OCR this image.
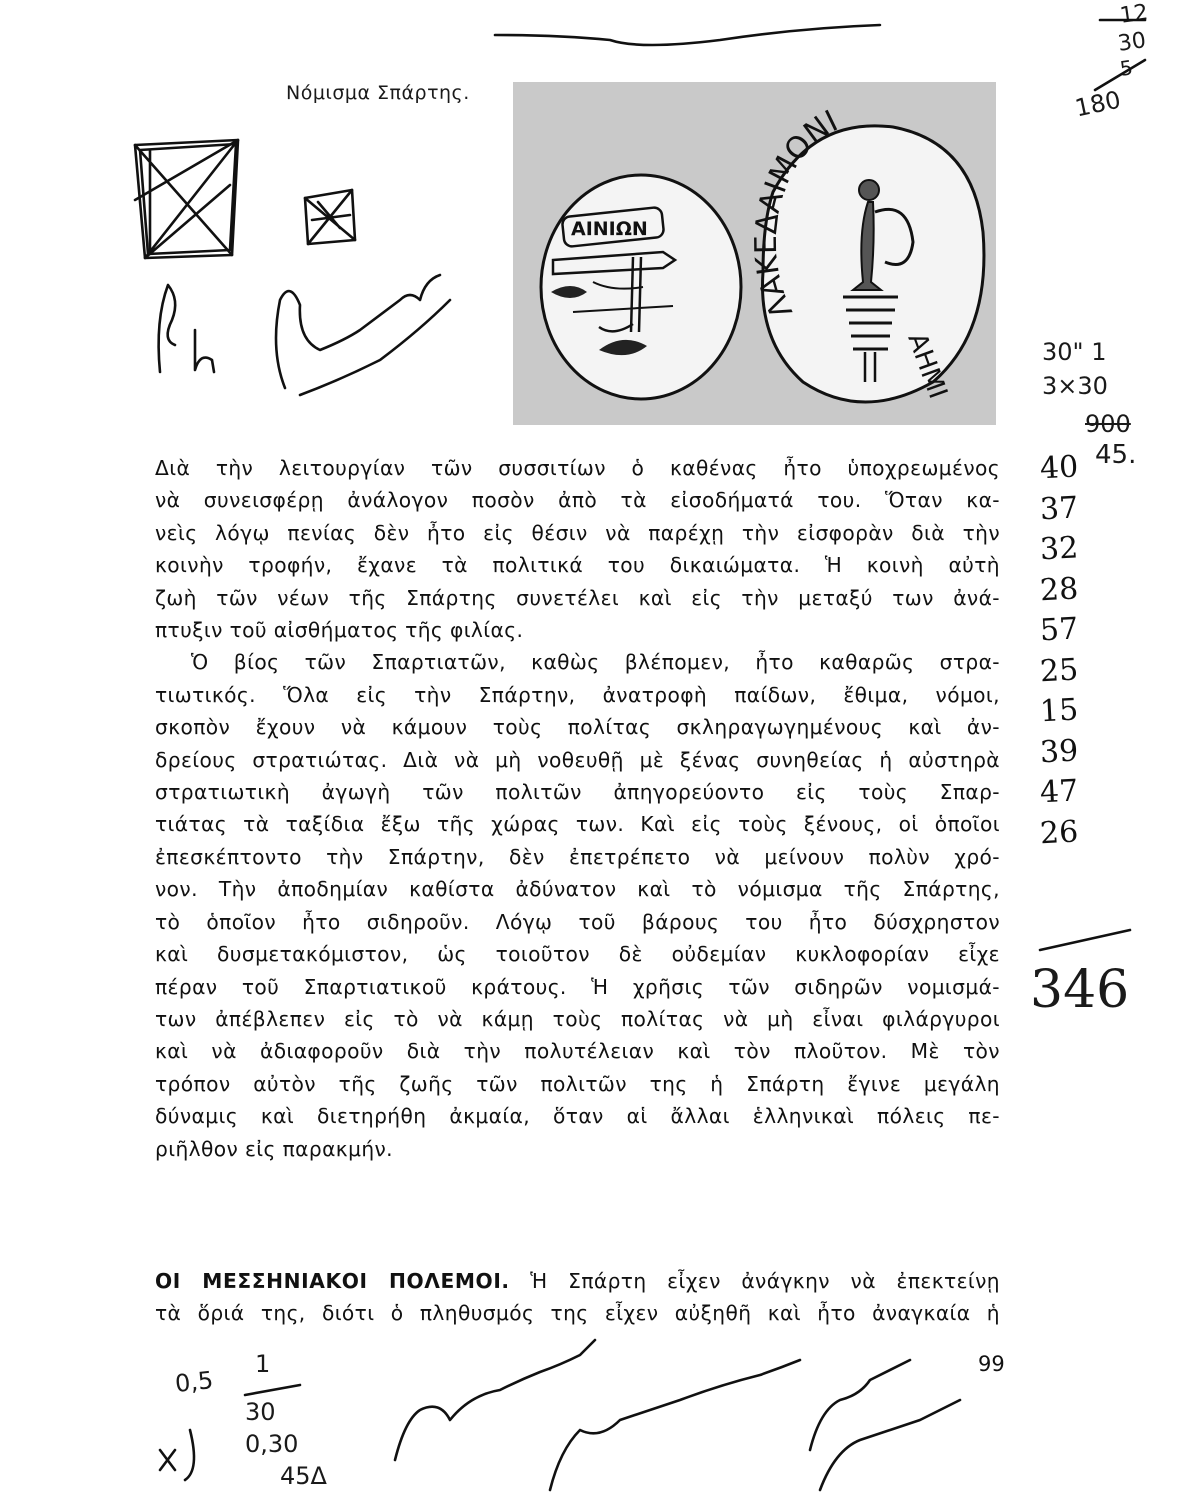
Νόμισμα Σπάρτης.
ΑΙΝΙΩΝ
ΛΑΚΕΔΑΙΜΟΝΙ
ΑΗΜΙ

Διὰ τὴν λειτουργίαν τῶν συσσιτίων ὁ καθένας ἦτο ὑποχρεωμένος
νὰ συνεισφέρῃ ἀνάλογον ποσὸν ἀπὸ τὰ εἰσοδήματά του. Ὅταν κα-
νεὶς λόγῳ πενίας δὲν ἦτο εἰς θέσιν νὰ παρέχῃ τὴν εἰσφορὰν διὰ τὴν
κοινὴν τροφήν, ἔχανε τὰ πολιτικά του δικαιώματα. Ἡ κοινὴ αὐτὴ
ζωὴ τῶν νέων τῆς Σπάρτης συνετέλει καὶ εἰς τὴν μεταξύ των ἀνά-
πτυξιν τοῦ αἰσθήματος τῆς φιλίας.

Ὁ βίος τῶν Σπαρτιατῶν, καθὼς βλέπομεν, ἦτο καθαρῶς στρα-
τιωτικός. Ὅλα εἰς τὴν Σπάρτην, ἀνατροφὴ παίδων, ἔθιμα, νόμοι,
σκοπὸν ἔχουν νὰ κάμουν τοὺς πολίτας σκληραγωγημένους καὶ ἀν-
δρείους στρατιώτας. Διὰ νὰ μὴ νοθευθῇ μὲ ξένας συνηθείας ἡ αὐστηρὰ
στρατιωτικὴ ἀγωγὴ τῶν πολιτῶν ἀπηγορεύοντο εἰς τοὺς Σπαρ-
τιάτας τὰ ταξίδια ἔξω τῆς χώρας των. Καὶ εἰς τοὺς ξένους, οἱ ὁποῖοι
ἐπεσκέπτοντο τὴν Σπάρτην, δὲν ἐπετρέπετο νὰ μείνουν πολὺν χρό-
νον. Τὴν ἀποδημίαν καθίστα ἀδύνατον καὶ τὸ νόμισμα τῆς Σπάρτης,
τὸ ὁποῖον ἦτο σιδηροῦν. Λόγῳ τοῦ βάρους του ἦτο δύσχρηστον
καὶ δυσμετακόμιστον, ὡς τοιοῦτον δὲ οὐδεμίαν κυκλοφορίαν εἶχε
πέραν τοῦ Σπαρτιατικοῦ κράτους. Ἡ χρῆσις τῶν σιδηρῶν νομισμά-
των ἀπέβλεπεν εἰς τὸ νὰ κάμῃ τοὺς πολίτας νὰ μὴ εἶναι φιλάργυροι
καὶ νὰ ἀδιαφοροῦν διὰ τὴν πολυτέλειαν καὶ τὸν πλοῦτον. Μὲ τὸν
τρόπον αὐτὸν τῆς ζωῆς τῶν πολιτῶν της ἡ Σπάρτη ἔγινε μεγάλη
δύναμις καὶ διετηρήθη ἀκμαία, ὅταν αἱ ἄλλαι ἑλληνικαὶ πόλεις πε-
ριῆλθον εἰς παρακμήν.

ΟΙ ΜΕΣΣΗΝΙΑΚΟΙ ΠΟΛΕΜΟΙ. Ἡ Σπάρτη εἶχεν ἀνάγκην νὰ ἐπεκτείνῃ
τὰ ὅριά της, διότι ὁ πληθυσμός της εἶχεν αὐξηθῆ καὶ ἦτο ἀναγκαία ἡ
99
12
30
5
180
30" 1
3×30
900
45.
40
37
32
28
57
25
15
39
47
26
346
0,5
1
30
0,30
45Δ
